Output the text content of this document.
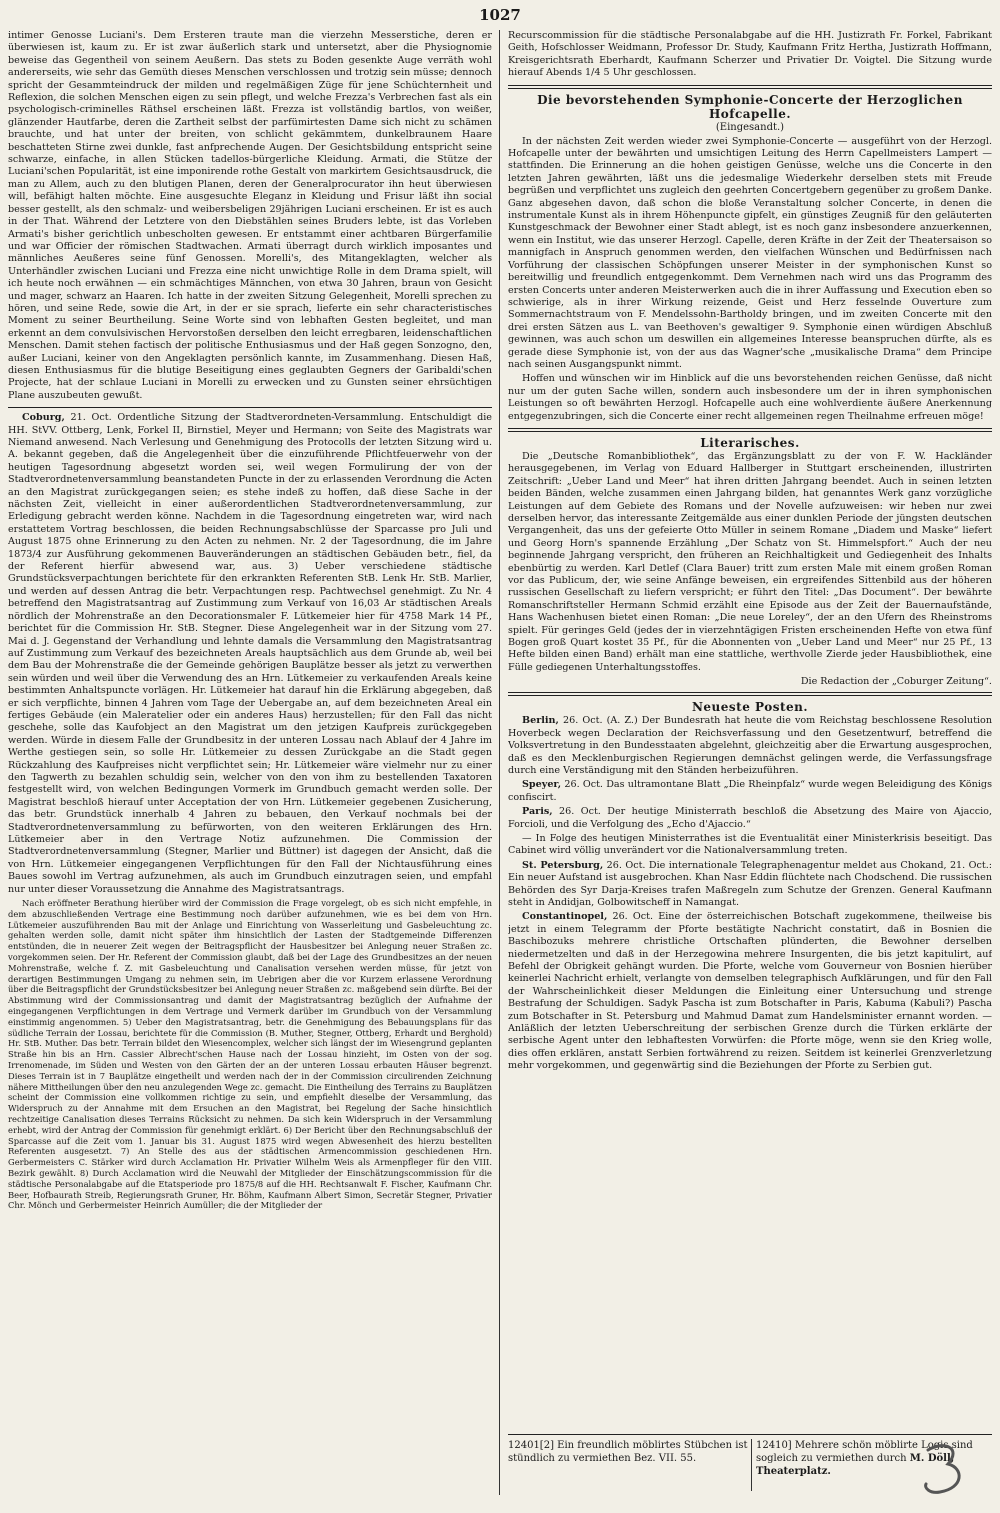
1027

intimer Genosse Luciani's. Dem Ersteren traute man die vierzehn Messerstiche, deren er überwiesen ist, kaum zu. Er ist zwar äußerlich stark und untersetzt, aber die Physiognomie beweise das Gegentheil von seinem Aeußern. Das stets zu Boden gesenkte Auge verräth wohl andererseits, wie sehr das Gemüth dieses Menschen verschlossen und trotzig sein müsse; dennoch spricht der Gesammteindruck der milden und regelmäßigen Züge für jene Schüchternheit und Reflexion, die solchen Menschen eigen zu sein pflegt, und welche Frezza's Verbrechen fast als ein psychologisch-criminelles Räthsel erscheinen läßt. Frezza ist vollständig bartlos, von weißer, glänzender Hautfarbe, deren die Zartheit selbst der parfümirtesten Dame sich nicht zu schämen brauchte, und hat unter der breiten, von schlicht gekämmtem, dunkelbraunem Haare beschatteten Stirne zwei dunkle, fast anfprechende Augen. Der Gesichtsbildung entspricht seine schwarze, einfache, in allen Stücken tadellos-bürgerliche Kleidung. Armati, die Stütze der Luciani'schen Popularität, ist eine imponirende rothe Gestalt von markirtem Gesichtsausdruck, die man zu Allem, auch zu den blutigen Planen, deren der Generalprocurator ihn heut überwiesen will, befähigt halten möchte. Eine ausgesuchte Eleganz in Kleidung und Frisur läßt ihn social besser gestellt, als den schmalz- und weibersbeligen 29jährigen Luciani erscheinen. Er ist es auch in der That. Während der Letztere von den Diebstählen seines Bruders lebte, ist das Vorleben Armati's bisher gerichtlich unbescholten gewesen. Er entstammt einer achtbaren Bürgerfamilie und war Officier der römischen Stadtwachen. Armati überragt durch wirklich imposantes und männliches Aeußeres seine fünf Genossen. Morelli's, des Mitangeklagten, welcher als Unterhändler zwischen Luciani und Frezza eine nicht unwichtige Rolle in dem Drama spielt, will ich heute noch erwähnen — ein schmächtiges Männchen, von etwa 30 Jahren, braun von Gesicht und mager, schwarz an Haaren. Ich hatte in der zweiten Sitzung Gelegenheit, Morelli sprechen zu hören, und seine Rede, sowie die Art, in der er sie sprach, lieferte ein sehr characteristisches Moment zu seiner Beurtheilung. Seine Worte sind von lebhaften Gesten begleitet, und man erkennt an dem convulsivischen Hervorstoßen derselben den leicht erregbaren, leidenschaftlichen Menschen. Damit stehen factisch der politische Enthusiasmus und der Haß gegen Sonzogno, den, außer Luciani, keiner von den Angeklagten persönlich kannte, im Zusammenhang. Diesen Haß, diesen Enthusiasmus für die blutige Beseitigung eines geglaubten Gegners der Garibaldi'schen Projecte, hat der schlaue Luciani in Morelli zu erwecken und zu Gunsten seiner ehrsüchtigen Plane auszubeuten gewußt.

Coburg, 21. Oct. Ordentliche Sitzung der Stadtverordneten-Versammlung. Entschuldigt die HH. StVV. Ottberg, Lenk, Forkel II, Birnstiel, Meyer und Hermann; von Seite des Magistrats war Niemand anwesend. Nach Verlesung und Genehmigung des Protocolls der letzten Sitzung wird u. A. bekannt gegeben, daß die Angelegenheit über die einzuführende Pflichtfeuerwehr von der heutigen Tagesordnung abgesetzt worden sei, weil wegen Formulirung der von der Stadtverordnetenversammlung beanstandeten Puncte in der zu erlassenden Verordnung die Acten an den Magistrat zurückgegangen seien; es stehe indeß zu hoffen, daß diese Sache in der nächsten Zeit, vielleicht in einer außerordentlichen Stadtverordnetenversammlung, zur Erledigung gebracht werden könne. Nachdem in die Tagesordnung eingetreten war, wird nach erstattetem Vortrag beschlossen, die beiden Rechnungsabschlüsse der Sparcasse pro Juli und August 1875 ohne Erinnerung zu den Acten zu nehmen. Nr. 2 der Tagesordnung, die im Jahre 1873/4 zur Ausführung gekommenen Bauveränderungen an städtischen Gebäuden betr., fiel, da der Referent hierfür abwesend war, aus. 3) Ueber verschiedene städtische Grundstücksverpachtungen berichtete für den erkrankten Referenten StB. Lenk Hr. StB. Marlier, und werden auf dessen Antrag die betr. Verpachtungen resp. Pachtwechsel genehmigt. Zu Nr. 4 betreffend den Magistratsantrag auf Zustimmung zum Verkauf von 16,03 Ar städtischen Areals nördlich der Mohrenstraße an den Decorationsmaler F. Lütkemeier hier für 4758 Mark 14 Pf., berichtet für die Commission Hr. StB. Stegner. Diese Angelegenheit war in der Sitzung vom 27. Mai d. J. Gegenstand der Verhandlung und lehnte damals die Versammlung den Magistratsantrag auf Zustimmung zum Verkauf des bezeichneten Areals hauptsächlich aus dem Grunde ab, weil bei dem Bau der Mohrenstraße die der Gemeinde gehörigen Bauplätze besser als jetzt zu verwerthen sein würden und weil über die Verwendung des an Hrn. Lütkemeier zu verkaufenden Areals keine bestimmten Anhaltspuncte vorlägen. Hr. Lütkemeier hat darauf hin die Erklärung abgegeben, daß er sich verpflichte, binnen 4 Jahren vom Tage der Uebergabe an, auf dem bezeichneten Areal ein fertiges Gebäude (ein Maleratelier oder ein anderes Haus) herzustellen; für den Fall das nicht geschehe, solle das Kaufobject an den Magistrat um den jetzigen Kaufpreis zurückgegeben werden. Würde in diesem Falle der Grundbesitz in der unteren Lossau nach Ablauf der 4 Jahre im Werthe gestiegen sein, so solle Hr. Lütkemeier zu dessen Zurückgabe an die Stadt gegen Rückzahlung des Kaufpreises nicht verpflichtet sein; Hr. Lütkemeier wäre vielmehr nur zu einer den Tagwerth zu bezahlen schuldig sein, welcher von den von ihm zu bestellenden Taxatoren festgestellt wird, von welchen Bedingungen Vormerk im Grundbuch gemacht werden solle. Der Magistrat beschloß hierauf unter Acceptation der von Hrn. Lütkemeier gegebenen Zusicherung, das betr. Grundstück innerhalb 4 Jahren zu bebauen, den Verkauf nochmals bei der Stadtverordnetenversammlung zu befürworten, von den weiteren Erklärungen des Hrn. Lütkemeier aber in den Vertrage Notiz aufzunehmen. Die Commission der Stadtverordnetenversammlung (Stegner, Marlier und Büttner) ist dagegen der Ansicht, daß die von Hrn. Lütkemeier eingegangenen Verpflichtungen für den Fall der Nichtausführung eines Baues sowohl im Vertrag aufzunehmen, als auch im Grundbuch einzutragen seien, und empfahl nur unter dieser Voraussetzung die Annahme des Magistratsantrags.

Nach eröffneter Berathung hierüber wird der Commission die Frage vorgelegt, ob es sich nicht empfehle, in dem abzuschließenden Vertrage eine Bestimmung noch darüber aufzunehmen, wie es bei dem von Hrn. Lütkemeier auszuführenden Bau mit der Anlage und Einrichtung von Wasserleitung und Gasbeleuchtung zc. gehalten werden solle, damit nicht später ihm hinsichtlich der Lasten der Stadtgemeinde Differenzen entstünden, die in neuerer Zeit wegen der Beitragspflicht der Hausbesitzer bei Anlegung neuer Straßen zc. vorgekommen seien. Der Hr. Referent der Commission glaubt, daß bei der Lage des Grundbesitzes an der neuen Mohrenstraße, welche f. Z. mit Gasbeleuchtung und Canalisation versehen werden müsse, für jetzt von derartigen Bestimmungen Umgang zu nehmen sein, im Uebrigen aber die vor Kurzem erlassene Verordnung über die Beitragspflicht der Grundstücksbesitzer bei Anlegung neuer Straßen zc. maßgebend sein dürfte. Bei der Abstimmung wird der Commissionsantrag und damit der Magistratsantrag bezüglich der Aufnahme der eingegangenen Verpflichtungen in dem Vertrage und Vermerk darüber im Grundbuch von der Versammlung einstimmig angenommen. 5) Ueber den Magistratsantrag, betr. die Genehmigung des Bebauungsplans für das südliche Terrain der Lossau, berichtete für die Commission (B. Muther, Stegner, Ottberg, Erhardt und Berghold) Hr. StB. Muther. Das betr. Terrain bildet den Wiesencomplex, welcher sich längst der im Wiesengrund geplanten Straße hin bis an Hrn. Cassier Albrecht'schen Hause nach der Lossau hinzieht, im Osten von der sog. Irrenomenade, im Süden und Westen von den Gärten der an der unteren Lossau erbauten Häuser begrenzt. Dieses Terrain ist in 7 Bauplätze eingetheilt und werden nach der in der Commission circulirenden Zeichnung nähere Mittheilungen über den neu anzulegenden Wege zc. gemacht. Die Eintheilung des Terrains zu Bauplätzen scheint der Commission eine vollkommen richtige zu sein, und empfiehlt dieselbe der Versammlung, das Widerspruch zu der Annahme mit dem Ersuchen an den Magistrat, bei Regelung der Sache hinsichtlich rechtzeitige Canalisation dieses Terrains Rücksicht zu nehmen. Da sich kein Widerspruch in der Versammlung erhebt, wird der Antrag der Commission für genehmigt erklärt. 6) Der Bericht über den Rechnungsabschluß der Sparcasse auf die Zeit vom 1. Januar bis 31. August 1875 wird wegen Abwesenheit des hierzu bestellten Referenten ausgesetzt. 7) An Stelle des aus der städtischen Armencommission geschiedenen Hrn. Gerbermeisters C. Stärker wird durch Acclamation Hr. Privatier Wilhelm Weis als Armenpfleger für den VIII. Bezirk gewählt. 8) Durch Acclamation wird die Neuwahl der Mitglieder der Einschätzungscommission für die städtische Personalabgabe auf die Etatsperiode pro 1875/8 auf die HH. Rechtsanwalt F. Fischer, Kaufmann Chr. Beer, Hofbaurath Streib, Regierungsrath Gruner, Hr. Böhm, Kaufmann Albert Simon, Secretär Stegner, Privatier Chr. Mönch und Gerbermeister Heinrich Aumüller; die der Mitglieder der

Recurscommission für die städtische Personalabgabe auf die HH. Justizrath Fr. Forkel, Fabrikant Geith, Hofschlosser Weidmann, Professor Dr. Study, Kaufmann Fritz Hertha, Justizrath Hoffmann, Kreisgerichtsrath Eberhardt, Kaufmann Scherzer und Privatier Dr. Voigtel. Die Sitzung wurde hierauf Abends 1/4 5 Uhr geschlossen.

Die bevorstehenden Symphonie-Concerte der Herzoglichen Hofcapelle.
(Eingesandt.)

In der nächsten Zeit werden wieder zwei Symphonie-Concerte — ausgeführt von der Herzogl. Hofcapelle unter der bewährten und umsichtigen Leitung des Herrn Capellmeisters Lampert — stattfinden. Die Erinnerung an die hohen geistigen Genüsse, welche uns die Concerte in den letzten Jahren gewährten, läßt uns die jedesmalige Wiederkehr derselben stets mit Freude begrüßen und verpflichtet uns zugleich den geehrten Concertgebern gegenüber zu großem Danke. Ganz abgesehen davon, daß schon die bloße Veranstaltung solcher Concerte, in denen die instrumentale Kunst als in ihrem Höhenpuncte gipfelt, ein günstiges Zeugniß für den geläuterten Kunstgeschmack der Bewohner einer Stadt ablegt, ist es noch ganz insbesondere anzuerkennen, wenn ein Institut, wie das unserer Herzogl. Capelle, deren Kräfte in der Zeit der Theatersaison so mannigfach in Anspruch genommen werden, den vielfachen Wünschen und Bedürfnissen nach Vorführung der classischen Schöpfungen unserer Meister in der symphonischen Kunst so bereitwillig und freundlich entgegenkommt. Dem Vernehmen nach wird uns das Programm des ersten Concerts unter anderen Meisterwerken auch die in ihrer Auffassung und Execution eben so schwierige, als in ihrer Wirkung reizende, Geist und Herz fesselnde Ouverture zum Sommernachtstraum von F. Mendelssohn-Bartholdy bringen, und im zweiten Concerte mit den drei ersten Sätzen aus L. van Beethoven's gewaltiger 9. Symphonie einen würdigen Abschluß gewinnen, was auch schon um deswillen ein allgemeines Interesse beanspruchen dürfte, als es gerade diese Symphonie ist, von der aus das Wagner'sche „musikalische Drama“ dem Principe nach seinen Ausgangspunkt nimmt.

Hoffen und wünschen wir im Hinblick auf die uns bevorstehenden reichen Genüsse, daß nicht nur um der guten Sache willen, sondern auch insbesondere um der in ihren symphonischen Leistungen so oft bewährten Herzogl. Hofcapelle auch eine wohlverdiente äußere Anerkennung entgegenzubringen, sich die Concerte einer recht allgemeinen regen Theilnahme erfreuen möge!

Literarisches.

Die „Deutsche Romanbibliothek“, das Ergänzungsblatt zu der von F. W. Hackländer herausgegebenen, im Verlag von Eduard Hallberger in Stuttgart erscheinenden, illustrirten Zeitschrift: „Ueber Land und Meer“ hat ihren dritten Jahrgang beendet. Auch in seinen letzten beiden Bänden, welche zusammen einen Jahrgang bilden, hat genanntes Werk ganz vorzügliche Leistungen auf dem Gebiete des Romans und der Novelle aufzuweisen: wir heben nur zwei derselben hervor, das interessante Zeitgemälde aus einer dunklen Periode der jüngsten deutschen Vergangenheit, das uns der gefeierte Otto Müller in seinem Romane „Diadem und Maske“ liefert und Georg Horn's spannende Erzählung „Der Schatz von St. Himmelspfort.“ Auch der neu beginnende Jahrgang verspricht, den früheren an Reichhaltigkeit und Gediegenheit des Inhalts ebenbürtig zu werden. Karl Detlef (Clara Bauer) tritt zum ersten Male mit einem großen Roman vor das Publicum, der, wie seine Anfänge beweisen, ein ergreifendes Sittenbild aus der höheren russischen Gesellschaft zu liefern verspricht; er führt den Titel: „Das Document“. Der bewährte Romanschriftsteller Hermann Schmid erzählt eine Episode aus der Zeit der Bauernaufstände, Hans Wachenhusen bietet einen Roman: „Die neue Loreley“, der an den Ufern des Rheinstroms spielt. Für geringes Geld (jedes der in vierzehntägigen Fristen erscheinenden Hefte von etwa fünf Bogen groß Quart kostet 35 Pf., für die Abonnenten von „Ueber Land und Meer“ nur 25 Pf., 13 Hefte bilden einen Band) erhält man eine stattliche, werthvolle Zierde jeder Hausbibliothek, eine Fülle gediegenen Unterhaltungsstoffes.

Die Redaction der „Coburger Zeitung“.
Neueste Posten.

Berlin, 26. Oct. (A. Z.) Der Bundesrath hat heute die vom Reichstag beschlossene Resolution Hoverbeck wegen Declaration der Reichsverfassung und den Gesetzentwurf, betreffend die Volksvertretung in den Bundesstaaten abgelehnt, gleichzeitig aber die Erwartung ausgesprochen, daß es den Mecklenburgischen Regierungen demnächst gelingen werde, die Verfassungsfrage durch eine Verständigung mit den Ständen herbeizuführen.

Speyer, 26. Oct. Das ultramontane Blatt „Die Rheinpfalz“ wurde wegen Beleidigung des Königs confiscirt.

Paris, 26. Oct. Der heutige Ministerrath beschloß die Absetzung des Maire von Ajaccio, Forcioli, und die Verfolgung des „Echo d'Ajaccio.“

— In Folge des heutigen Ministerrathes ist die Eventualität einer Ministerkrisis beseitigt. Das Cabinet wird völlig unverändert vor die Nationalversammlung treten.

St. Petersburg, 26. Oct. Die internationale Telegraphenagentur meldet aus Chokand, 21. Oct.: Ein neuer Aufstand ist ausgebrochen. Khan Nasr Eddin flüchtete nach Chodschend. Die russischen Behörden des Syr Darja-Kreises trafen Maßregeln zum Schutze der Grenzen. General Kaufmann steht in Andidjan, Golbowitscheff in Namangat.

Constantinopel, 26. Oct. Eine der österreichischen Botschaft zugekommene, theilweise bis jetzt in einem Telegramm der Pforte bestätigte Nachricht constatirt, daß in Bosnien die Baschibozuks mehrere christliche Ortschaften plünderten, die Bewohner derselben niedermetzelten und daß in der Herzegowina mehrere Insurgenten, die bis jetzt kapitulirt, auf Befehl der Obrigkeit gehängt wurden. Die Pforte, welche vom Gouverneur von Bosnien hierüber keinerlei Nachricht erhielt, verlangte von demselben telegraphisch Aufklärungen, und für den Fall der Wahrscheinlichkeit dieser Meldungen die Einleitung einer Untersuchung und strenge Bestrafung der Schuldigen. Sadyk Pascha ist zum Botschafter in Paris, Kabuma (Kabuli?) Pascha zum Botschafter in St. Petersburg und Mahmud Damat zum Handelsminister ernannt worden. — Anläßlich der letzten Ueberschreitung der serbischen Grenze durch die Türken erklärte der serbische Agent unter den lebhaftesten Vorwürfen: die Pforte möge, wenn sie den Krieg wolle, dies offen erklären, anstatt Serbien fortwährend zu reizen. Seitdem ist keinerlei Grenzverletzung mehr vorgekommen, und gegenwärtig sind die Beziehungen der Pforte zu Serbien gut.

12401[2] Ein freundlich möblirtes Stübchen ist stündlich zu vermiethen Bez. VII. 55.
12410] Mehrere schön möblirte Logis sind sogleich zu vermiethen durch M. Döll, Theaterplatz.
